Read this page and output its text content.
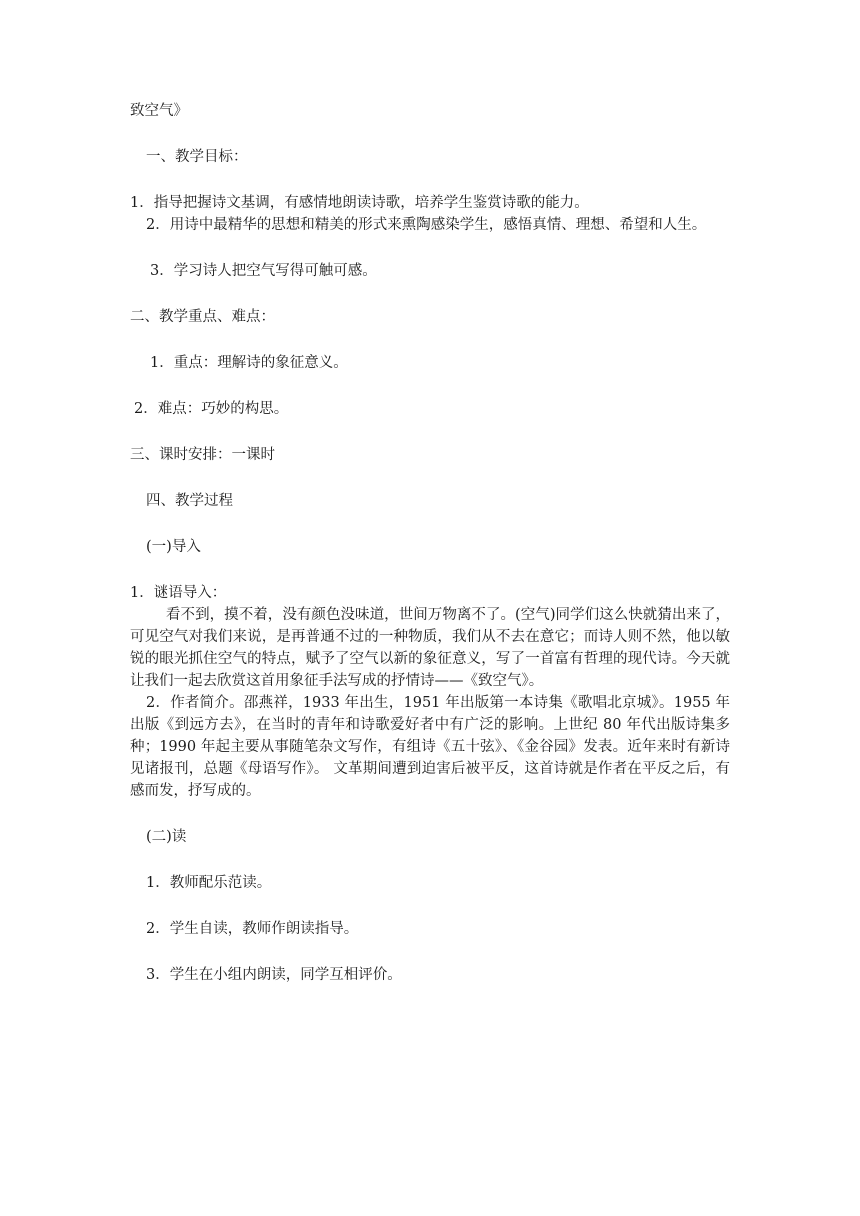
致空气》

一、教学目标：

1．指导把握诗文基调，有感情地朗读诗歌，培养学生鉴赏诗歌的能力。

2．用诗中最精华的思想和精美的形式来熏陶感染学生，感悟真情、理想、希望和人生。

3．学习诗人把空气写得可触可感。

二、教学重点、难点：

1．重点：理解诗的象征意义。

2．难点：巧妙的构思。

三、课时安排：一课时

四、教学过程

(一)导入

1．谜语导入：

看不到，摸不着，没有颜色没味道，世间万物离不了。(空气)同学们这么快就猜出来了，可见空气对我们来说，是再普通不过的一种物质，我们从不去在意它；而诗人则不然，他以敏锐的眼光抓住空气的特点，赋予了空气以新的象征意义，写了一首富有哲理的现代诗。今天就让我们一起去欣赏这首用象征手法写成的抒情诗——《致空气》。

2．作者简介。邵燕祥，1933 年出生，1951 年出版第一本诗集《歌唱北京城》。1955 年出版《到远方去》，在当时的青年和诗歌爱好者中有广泛的影响。上世纪 80 年代出版诗集多种；1990 年起主要从事随笔杂文写作，有组诗《五十弦》、《金谷园》发表。近年来时有新诗见诸报刊，总题《母语写作》。 文革期间遭到迫害后被平反，这首诗就是作者在平反之后，有感而发，抒写成的。

(二)读

1．教师配乐范读。

2．学生自读，教师作朗读指导。

3．学生在小组内朗读，同学互相评价。
